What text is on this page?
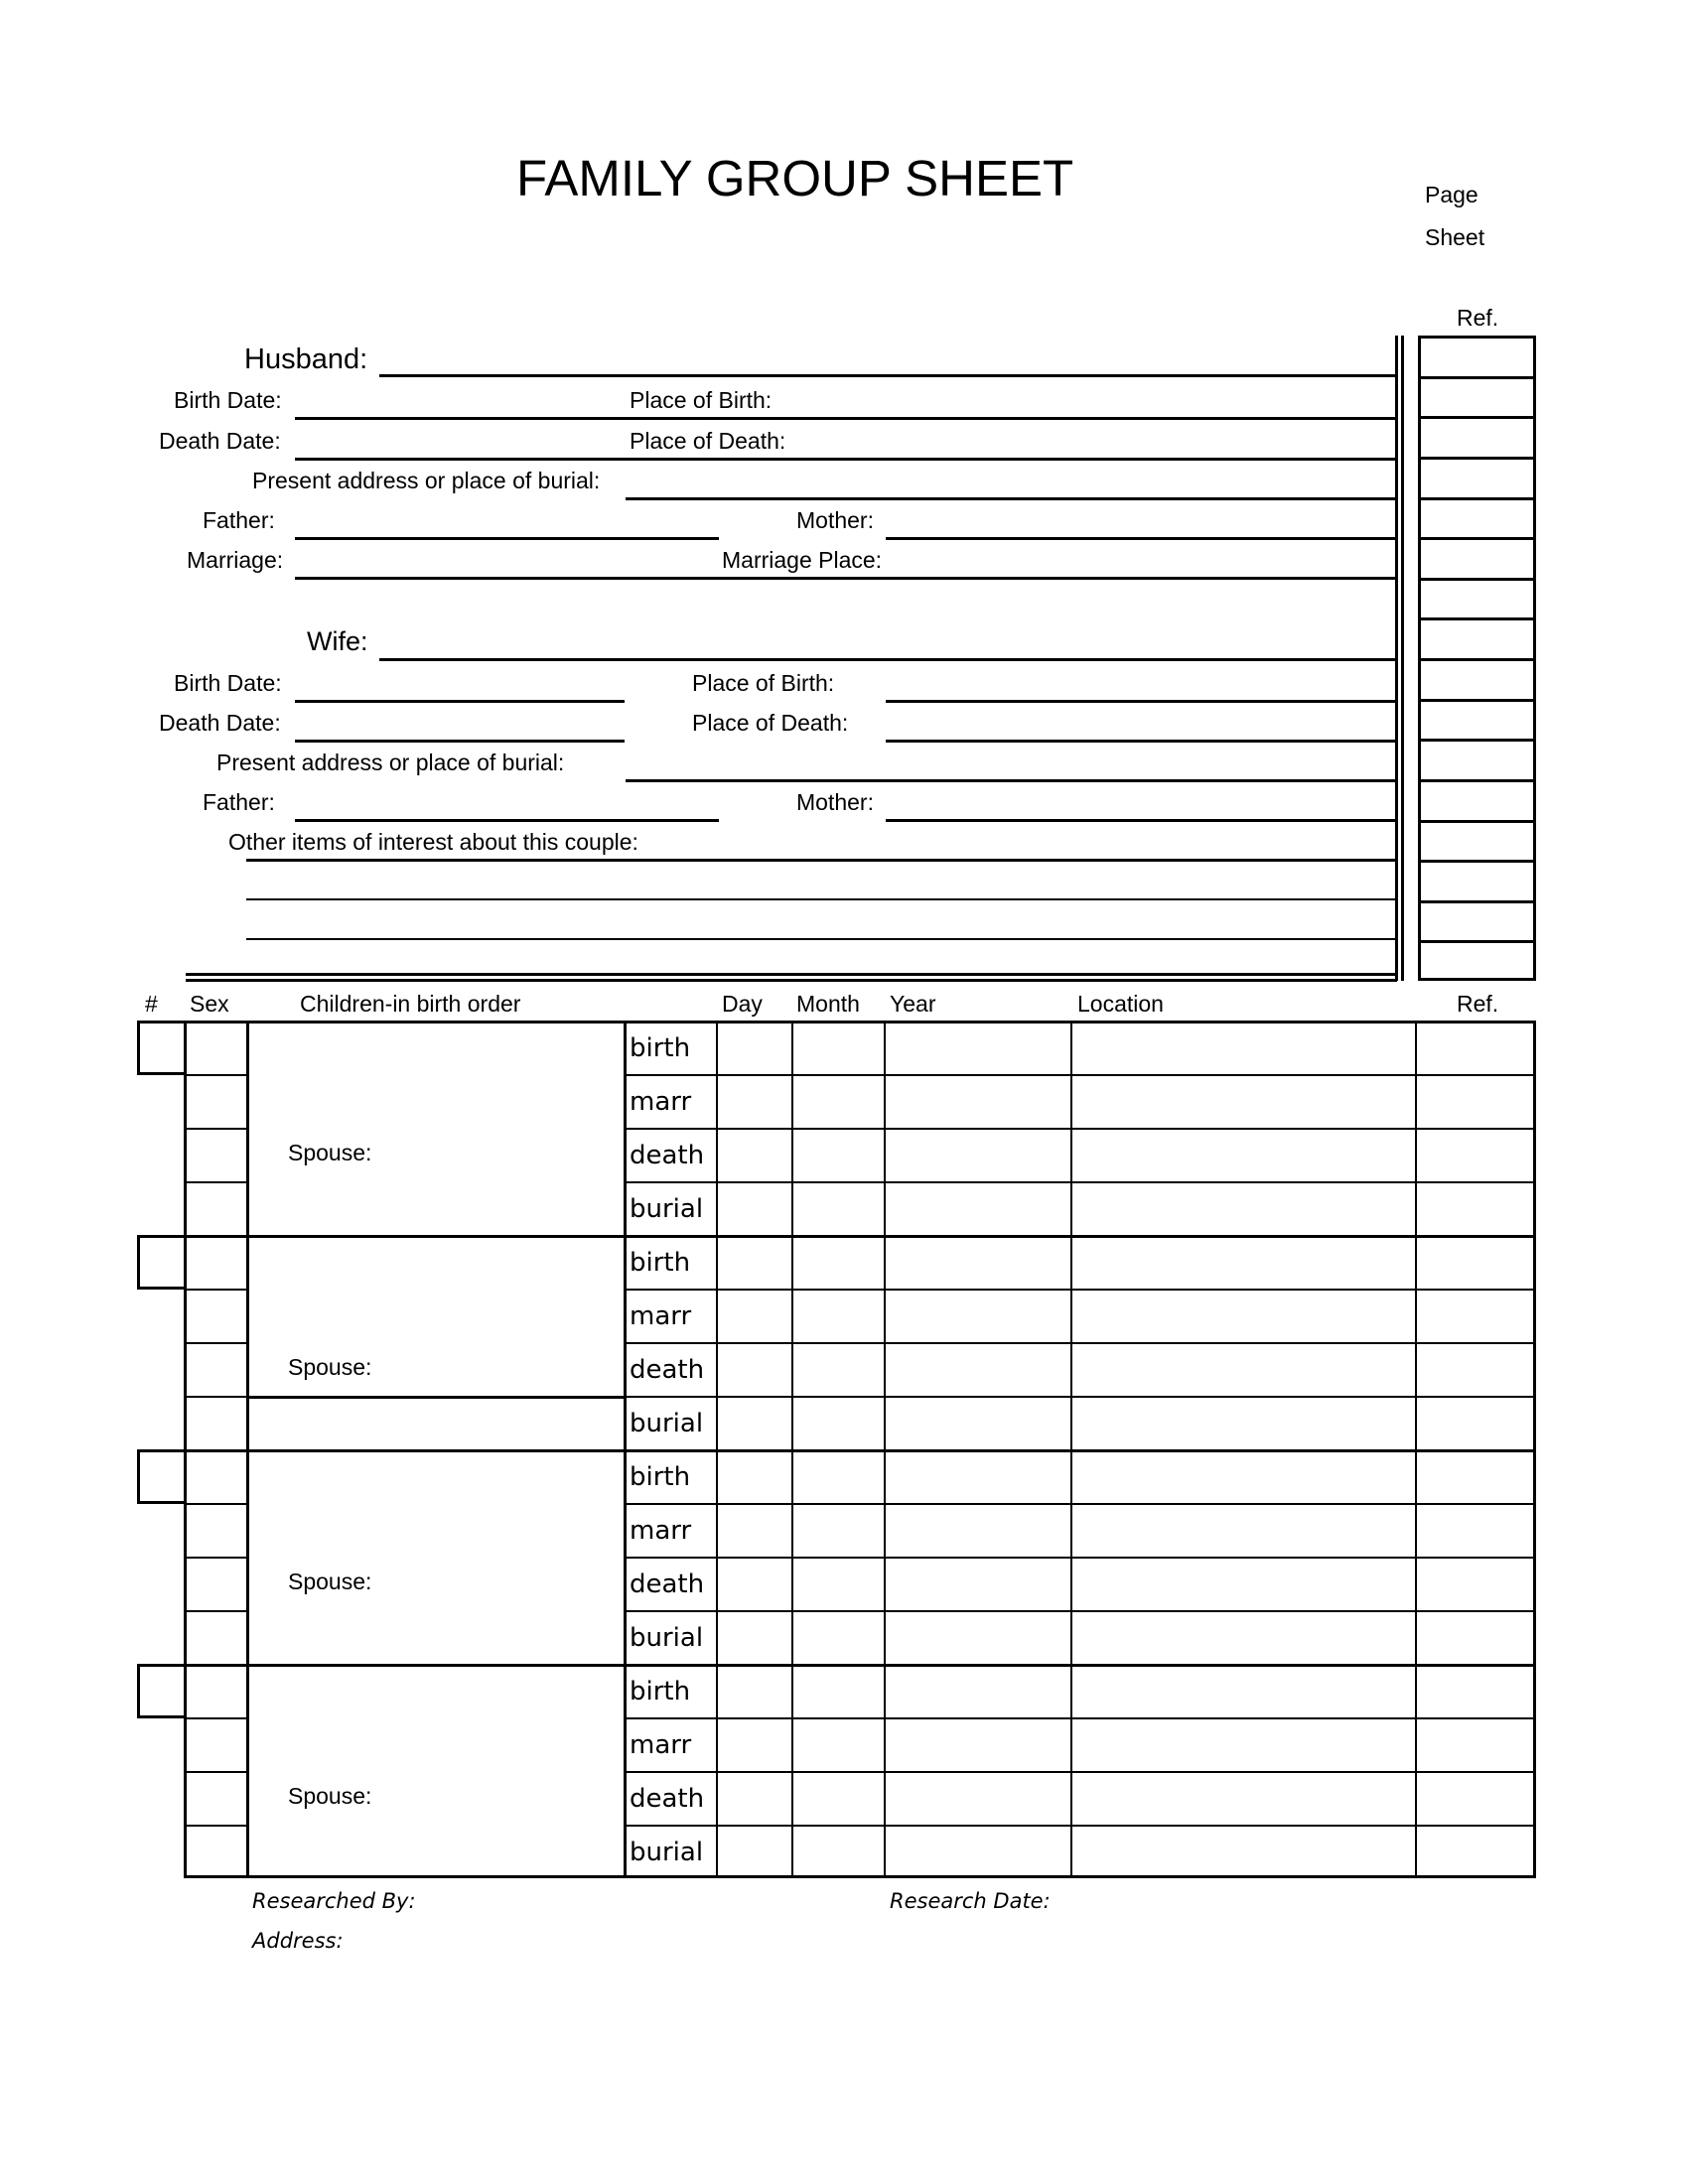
FAMILY GROUP SHEET	Page
Sheet
Ref.
Husband:
Birth Date:	Place of Birth:
Death Date:	Place of Death:
Present address or place of burial:
Father:	Mother:
Marriage:	Marriage Place:
Wife:
Birth Date:	Place of Birth:
Death Date:	Place of Death:
Present address or place of burial:
Father:	Mother:
Other items of interest about this couple:
# Sex	Children-in birth order	Day Month Year	Location	Ref.
birth
marr
death
burial
Spouse:
birth
marr
death
burial
Spouse:
birth
marr
death
burial
Spouse:
birth
marr
death
burial
Spouse:
Researched By:	Research Date:
Address:
